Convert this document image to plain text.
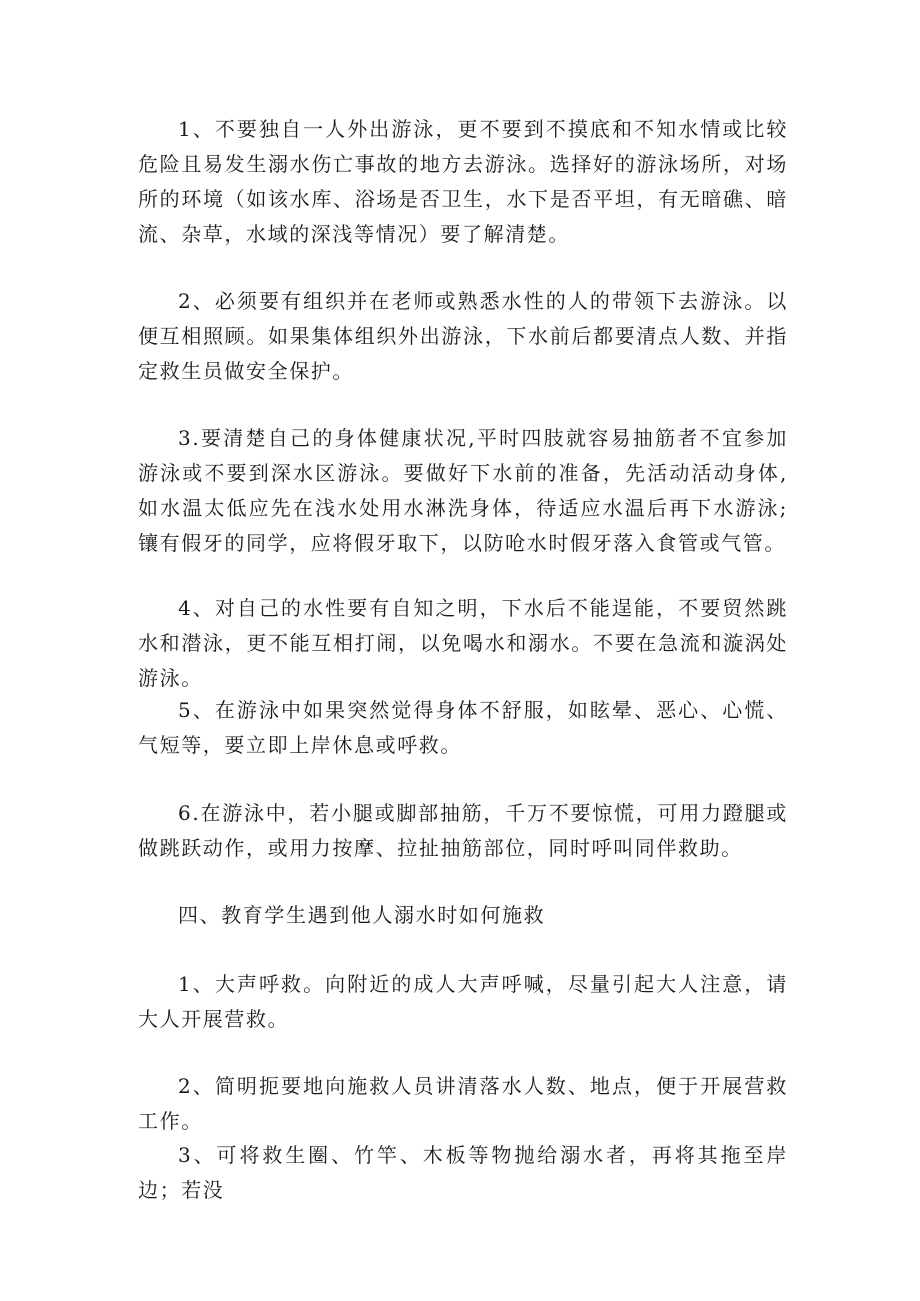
1、不要独自一人外出游泳，更不要到不摸底和不知水情或比较危险且易发生溺水伤亡事故的地方去游泳。选择好的游泳场所，对场所的环境（如该水库、浴场是否卫生，水下是否平坦，有无暗礁、暗流、杂草，水域的深浅等情况）要了解清楚。

2、必须要有组织并在老师或熟悉水性的人的带领下去游泳。以便互相照顾。如果集体组织外出游泳，下水前后都要清点人数、并指定救生员做安全保护。

3.要清楚自己的身体健康状况,平时四肢就容易抽筋者不宜参加游泳或不要到深水区游泳。要做好下水前的准备，先活动活动身体,如水温太低应先在浅水处用水淋洗身体，待适应水温后再下水游泳;镶有假牙的同学，应将假牙取下，以防呛水时假牙落入食管或气管。

4、对自己的水性要有自知之明，下水后不能逞能，不要贸然跳水和潜泳，更不能互相打闹，以免喝水和溺水。不要在急流和漩涡处游泳。

5、在游泳中如果突然觉得身体不舒服，如眩晕、恶心、心慌、气短等，要立即上岸休息或呼救。

6.在游泳中，若小腿或脚部抽筋，千万不要惊慌，可用力蹬腿或做跳跃动作，或用力按摩、拉扯抽筋部位，同时呼叫同伴救助。

四、教育学生遇到他人溺水时如何施救

1、大声呼救。向附近的成人大声呼喊，尽量引起大人注意，请大人开展营救。

2、简明扼要地向施救人员讲清落水人数、地点，便于开展营救工作。

3、可将救生圈、竹竿、木板等物抛给溺水者，再将其拖至岸边；若没
